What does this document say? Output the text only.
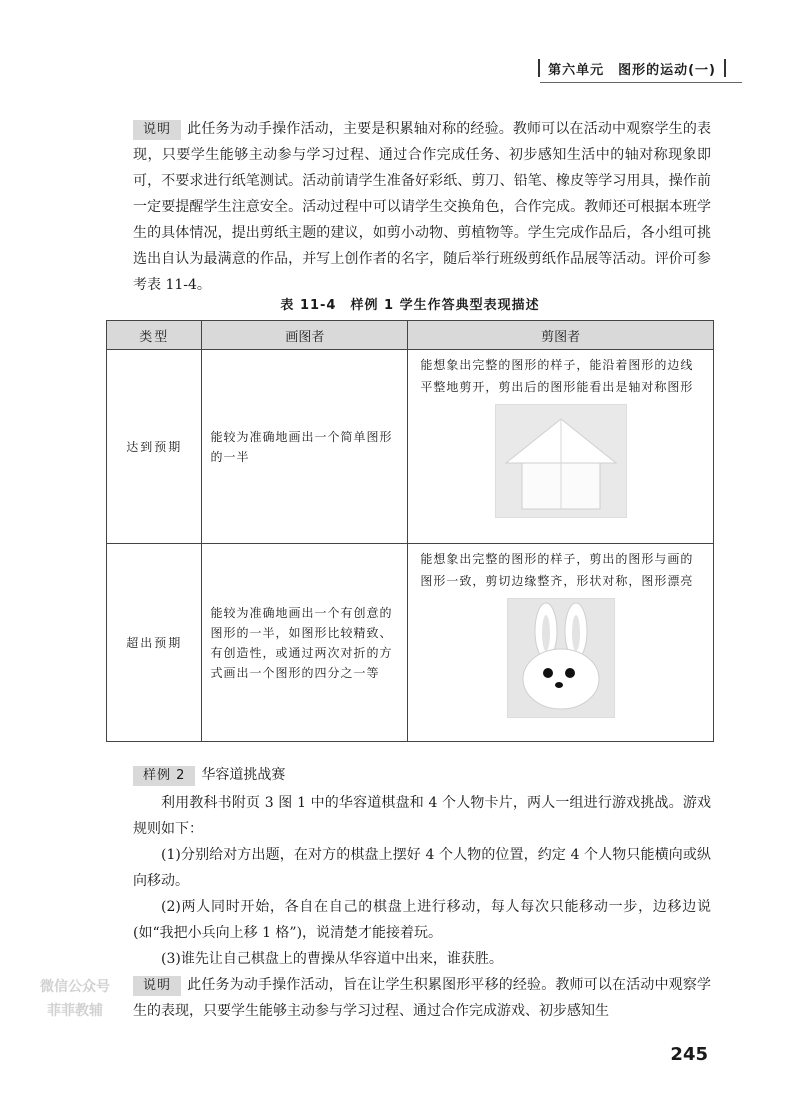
第六单元 图形的运动(一)

说明 此任务为动手操作活动，主要是积累轴对称的经验。教师可以在活动中观察学生的表现，只要学生能够主动参与学习过程、通过合作完成任务、初步感知生活中的轴对称现象即可，不要求进行纸笔测试。活动前请学生准备好彩纸、剪刀、铅笔、橡皮等学习用具，操作前一定要提醒学生注意安全。活动过程中可以请学生交换角色，合作完成。教师还可根据本班学生的具体情况，提出剪纸主题的建议，如剪小动物、剪植物等。学生完成作品后，各小组可挑选出自认为最满意的作品，并写上创作者的名字，随后举行班级剪纸作品展等活动。评价可参考表 11-4。

表 11-4　样例 1 学生作答典型表现描述
类型	画图者	剪图者
达到预期	能较为准确地画出一个简单图形的一半	能想象出完整的图形的样子，能沿着图形的边线平整地剪开，剪出后的图形能看出是轴对称图形

超出预期	能较为准确地画出一个有创意的图形的一半，如图形比较精致、有创造性，或通过两次对折的方式画出一个图形的四分之一等	能想象出完整的图形的样子，剪出的图形与画的图形一致，剪切边缘整齐，形状对称，图形漂亮
样例 2 华容道挑战赛

利用教科书附页 3 图 1 中的华容道棋盘和 4 个人物卡片，两人一组进行游戏挑战。游戏规则如下：

(1)分别给对方出题，在对方的棋盘上摆好 4 个人物的位置，约定 4 个人物只能横向或纵向移动。

(2)两人同时开始，各自在自己的棋盘上进行移动，每人每次只能移动一步，边移边说(如“我把小兵向上移 1 格”)，说清楚才能接着玩。

(3)谁先让自己棋盘上的曹操从华容道中出来，谁获胜。

说明 此任务为动手操作活动，旨在让学生积累图形平移的经验。教师可以在活动中观察学生的表现，只要学生能够主动参与学习过程、通过合作完成游戏、初步感知生

微信公众号
菲菲教辅
245
